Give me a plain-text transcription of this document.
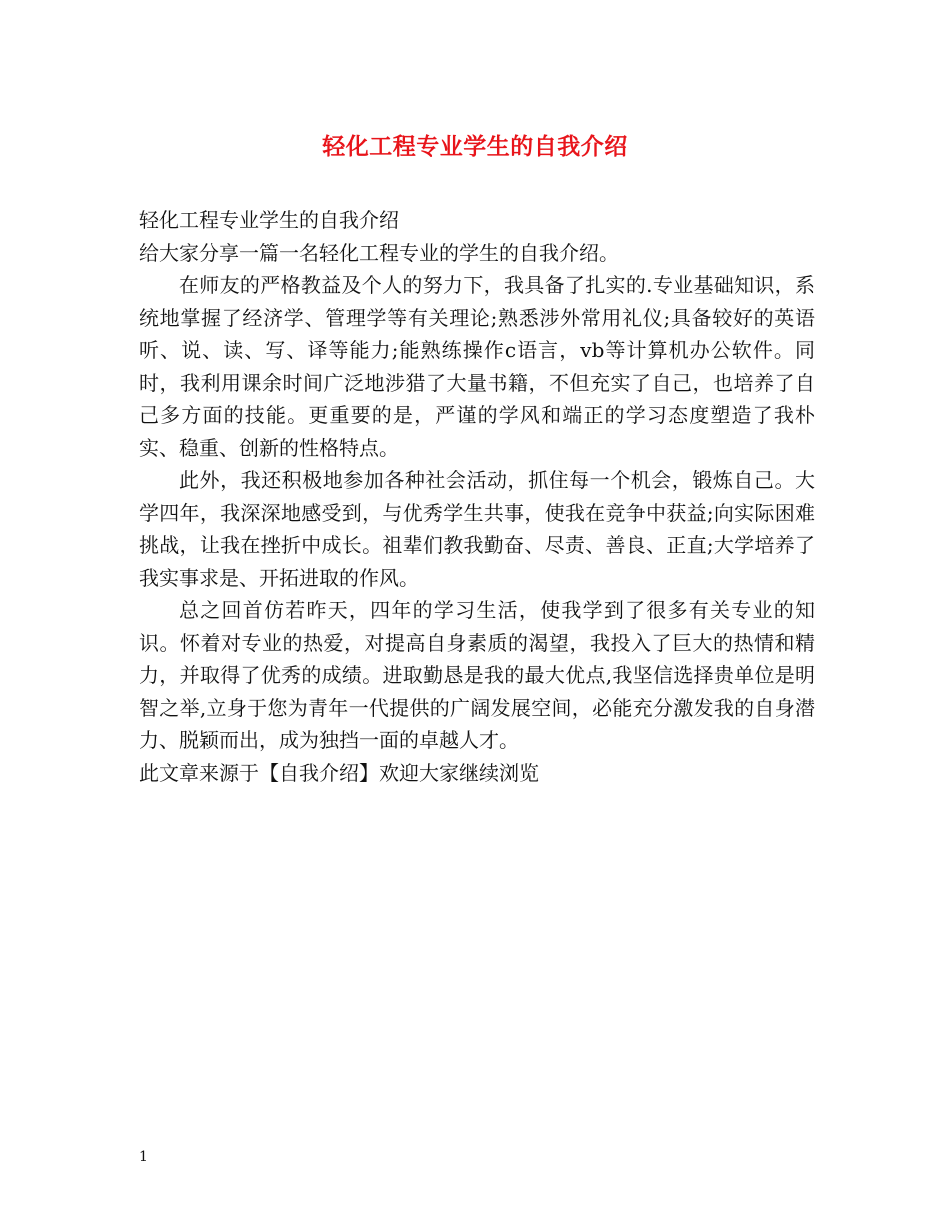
轻化工程专业学生的自我介绍

轻化工程专业学生的自我介绍

给大家分享一篇一名轻化工程专业的学生的自我介绍。

在师友的严格教益及个人的努力下，我具备了扎实的.专业基础知识，系统地掌握了经济学、管理学等有关理论;熟悉涉外常用礼仪;具备较好的英语听、说、读、写、译等能力;能熟练操作c语言，vb等计算机办公软件。同时，我利用课余时间广泛地涉猎了大量书籍，不但充实了自己，也培养了自己多方面的技能。更重要的是，严谨的学风和端正的学习态度塑造了我朴实、稳重、创新的性格特点。

此外，我还积极地参加各种社会活动，抓住每一个机会，锻炼自己。大学四年，我深深地感受到，与优秀学生共事，使我在竞争中获益;向实际困难挑战，让我在挫折中成长。祖辈们教我勤奋、尽责、善良、正直;大学培养了我实事求是、开拓进取的作风。

总之回首仿若昨天，四年的学习生活，使我学到了很多有关专业的知识。怀着对专业的热爱，对提高自身素质的渴望，我投入了巨大的热情和精力，并取得了优秀的成绩。进取勤恳是我的最大优点,我坚信选择贵单位是明智之举,立身于您为青年一代提供的广阔发展空间，必能充分激发我的自身潜力、脱颖而出，成为独挡一面的卓越人才。

此文章来源于【自我介绍】欢迎大家继续浏览

1
